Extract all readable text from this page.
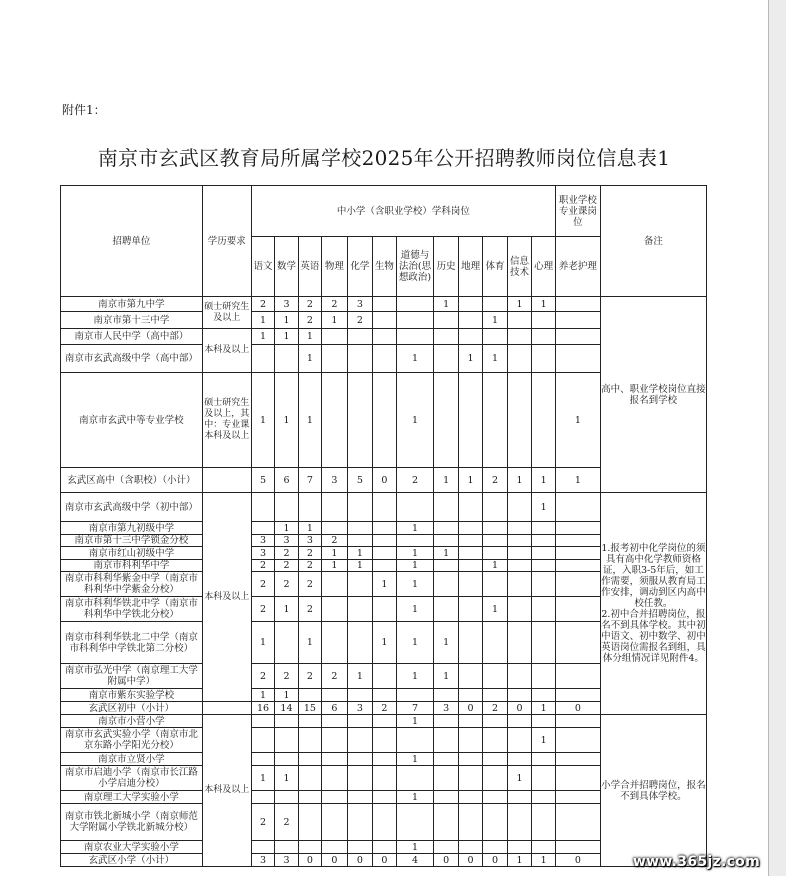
附件1：
南京市玄武区教育局所属学校2025年公开招聘教师岗位信息表1
招聘单位	学历要求	中小学（含职业学校）学科岗位												职业学校专业课岗位	备注
		语文	数学	英语	物理	化学	生物	道德与法治(思想政治)	历史	地理	体育	信息技术	心理	养老护理	
南京市第九中学	硕士研究生及以上	2	3	2	2	3			1			1	1		高中、职业学校岗位直接报名到学校
南京市第十三中学		1	1	2	1	2					1				
南京市人民中学（高中部）	本科及以上	1	1	1											
南京市玄武高级中学（高中部）				1				1		1	1				
南京市玄武中等专业学校	硕士研究生及以上，其中：专业课本科及以上	1	1	1				1						1	
玄武区高中（含职校）（小计）		5	6	7	3	5	0	2	1	1	2	1	1	1	
南京市玄武高级中学（初中部）	本科及以上												1		1.报考初中化学岗位的须具有高中化学教师资格证，入职3-5年后，如工作需要，须服从教育局工作安排，调动到区内高中校任教。
2.初中合并招聘岗位，报名不到具体学校。其中初中语文、初中数学、初中英语岗位需报名到组，具体分组情况详见附件4。
南京市第九初级中学			1	1				1							
南京市第十三中学锁金分校		3	3	3	2										
南京市红山初级中学		3	2	2	1	1		1	1						
南京市科利华中学		2	2	2	1	1		1			1				
南京市科利华紫金中学（南京市科利华中学紫金分校）		2	2	2			1	1							
南京市科利华铁北中学（南京市科利华中学铁北分校）		2	1	2				1			1				
南京市科利华铁北二中学（南京市科利华中学铁北第二分校）		1		1			1	1	1						
南京市弘光中学（南京理工大学附属中学）		2	2	2	2	1		1	1						
南京市紫东实验学校		1	1												
玄武区初中（小计）		16	14	15	6	3	2	7	3	0	2	0	1	0	
南京市小营小学	本科及以上							1							小学合并招聘岗位，报名不到具体学校。
南京市玄武实验小学（南京市北京东路小学阳光分校）													1		
南京市立贤小学								1							
南京市启迪小学（南京市长江路小学启迪分校）		1	1									1			
南京理工大学实验小学								1							
南京市铁北新城小学（南京师范大学附属小学铁北新城分校）		2	2												
南京农业大学实验小学								1							
玄武区小学（小计）		3	3	0	0	0	0	4	0	0	0	1	1	0		www.365jz.com
